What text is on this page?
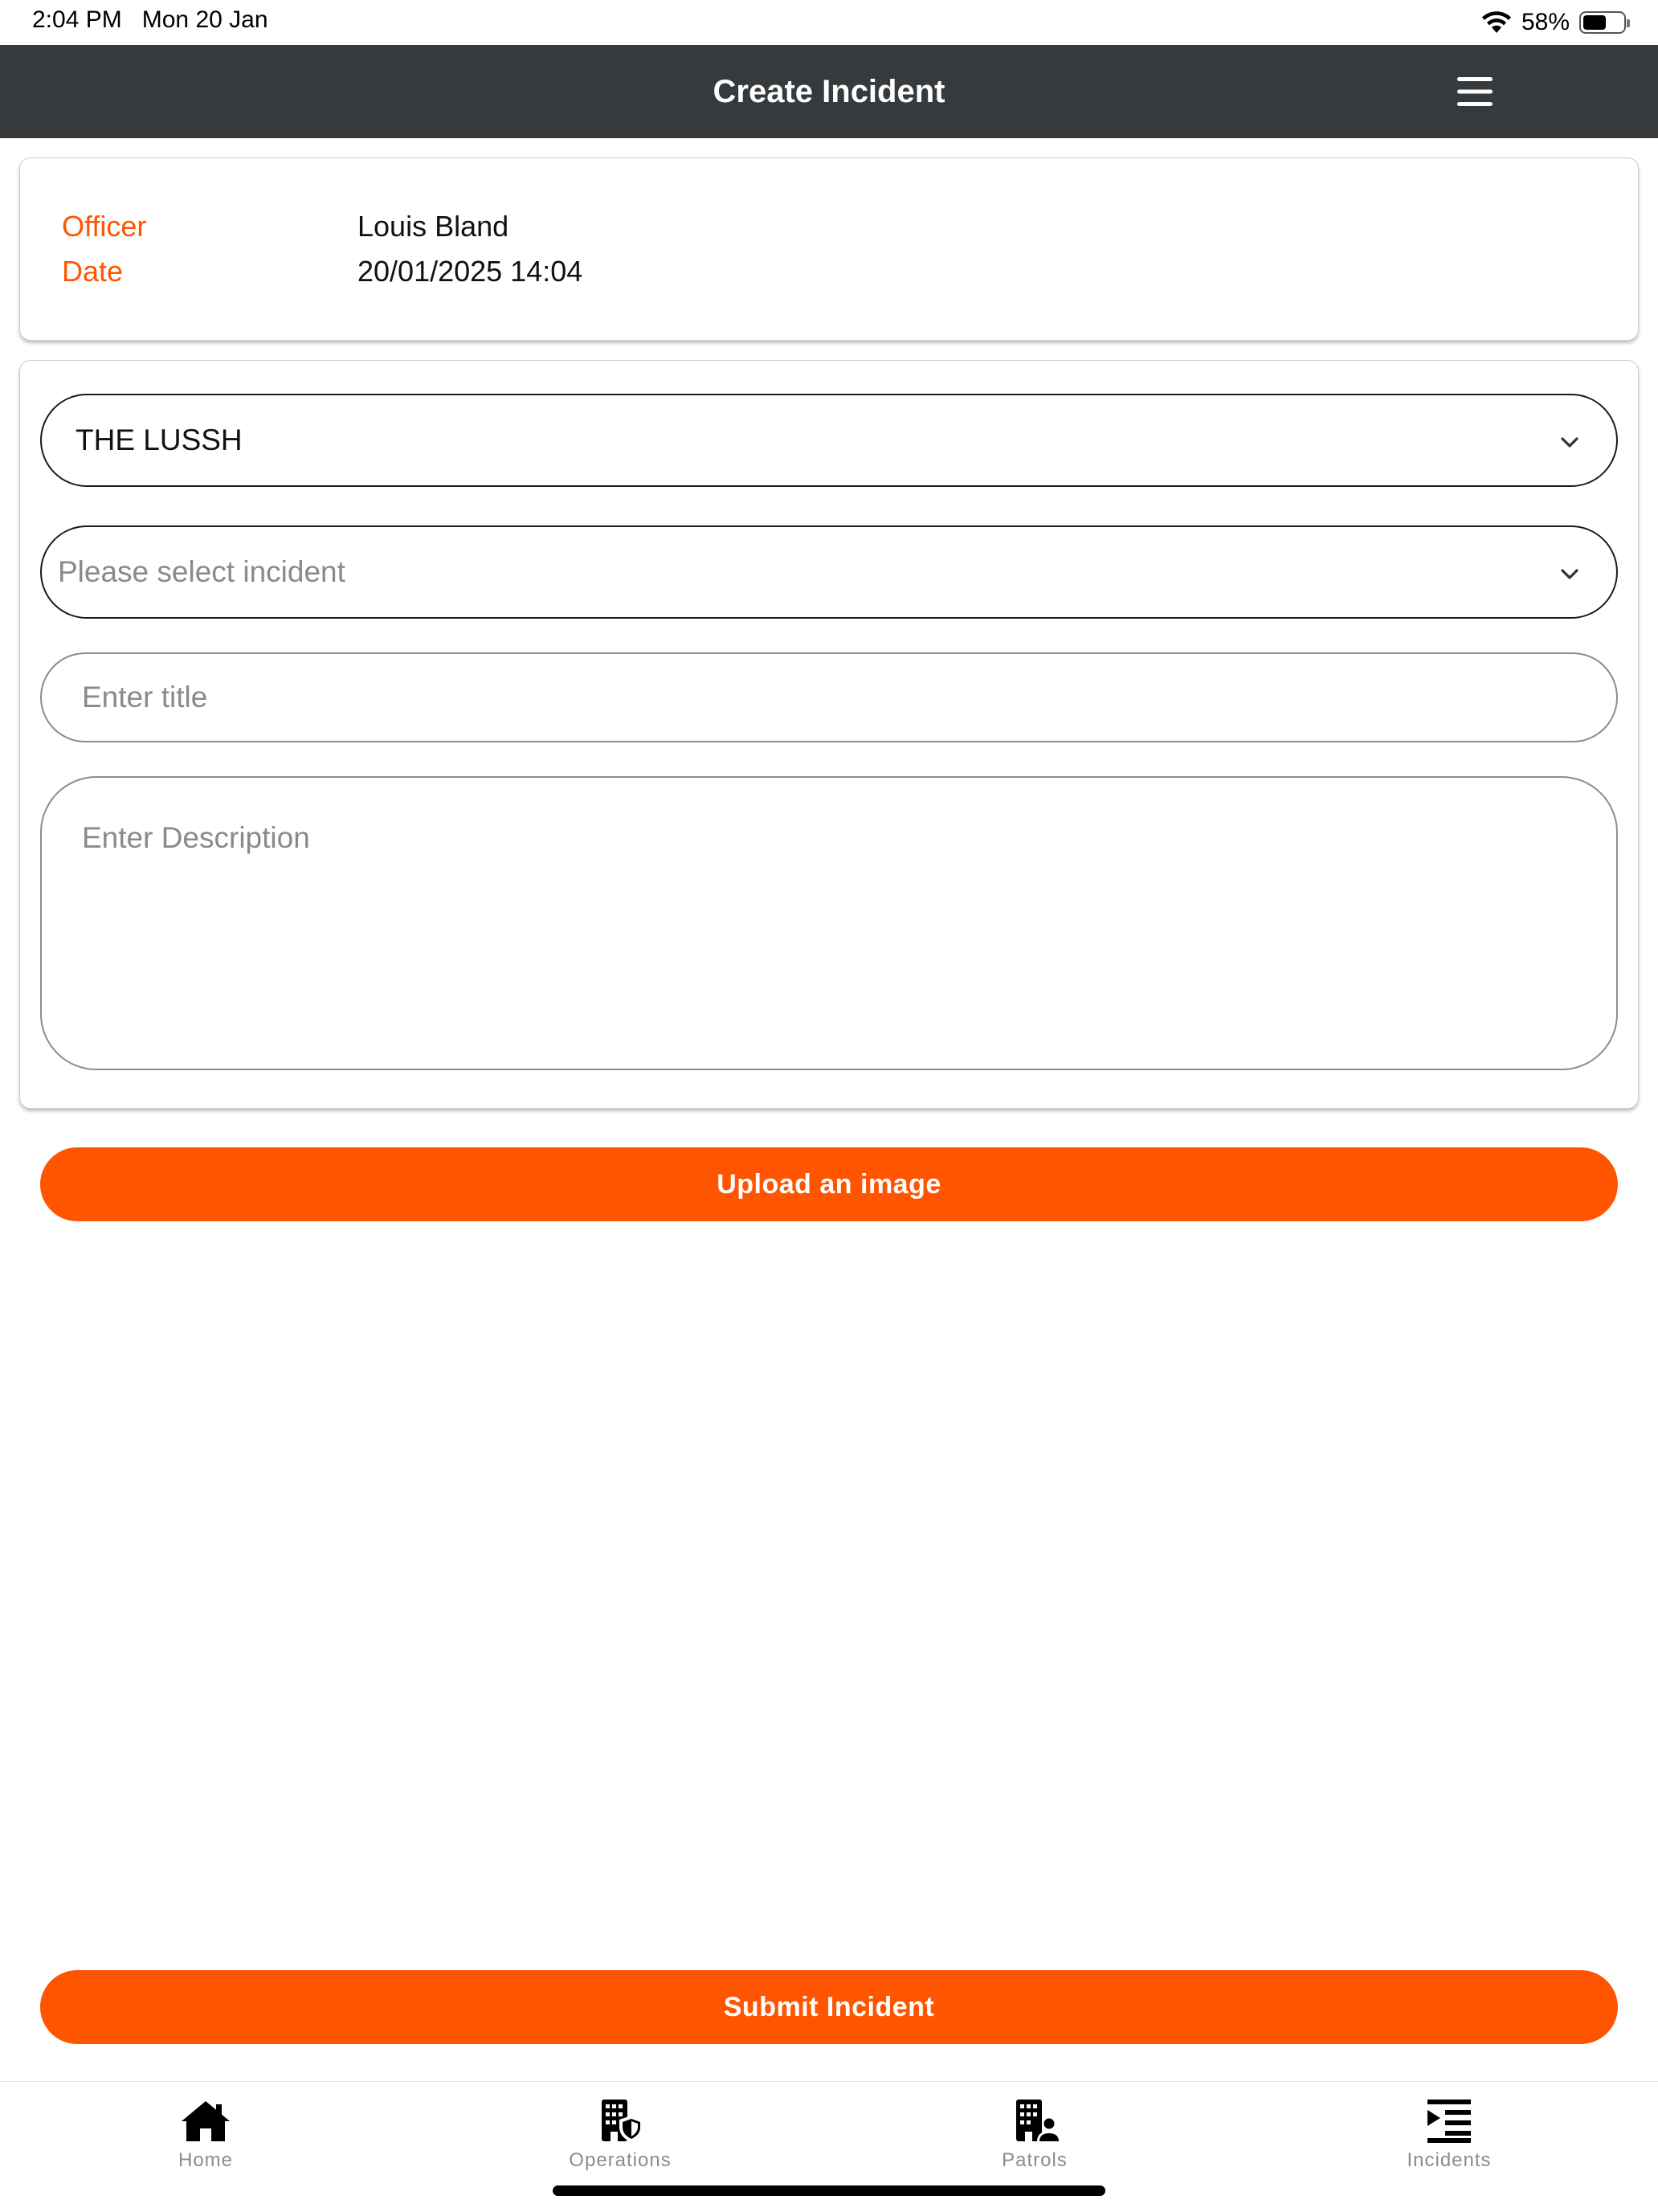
2:04 PM Mon 20 Jan	58%
Create Incident
Officer	Louis Bland
Date	20/01/2025 14:04
THE LUSSH
Please select incident
Enter title
Enter Description
Upload an image
Submit Incident
Home	Operations	Patrols	Incidents
